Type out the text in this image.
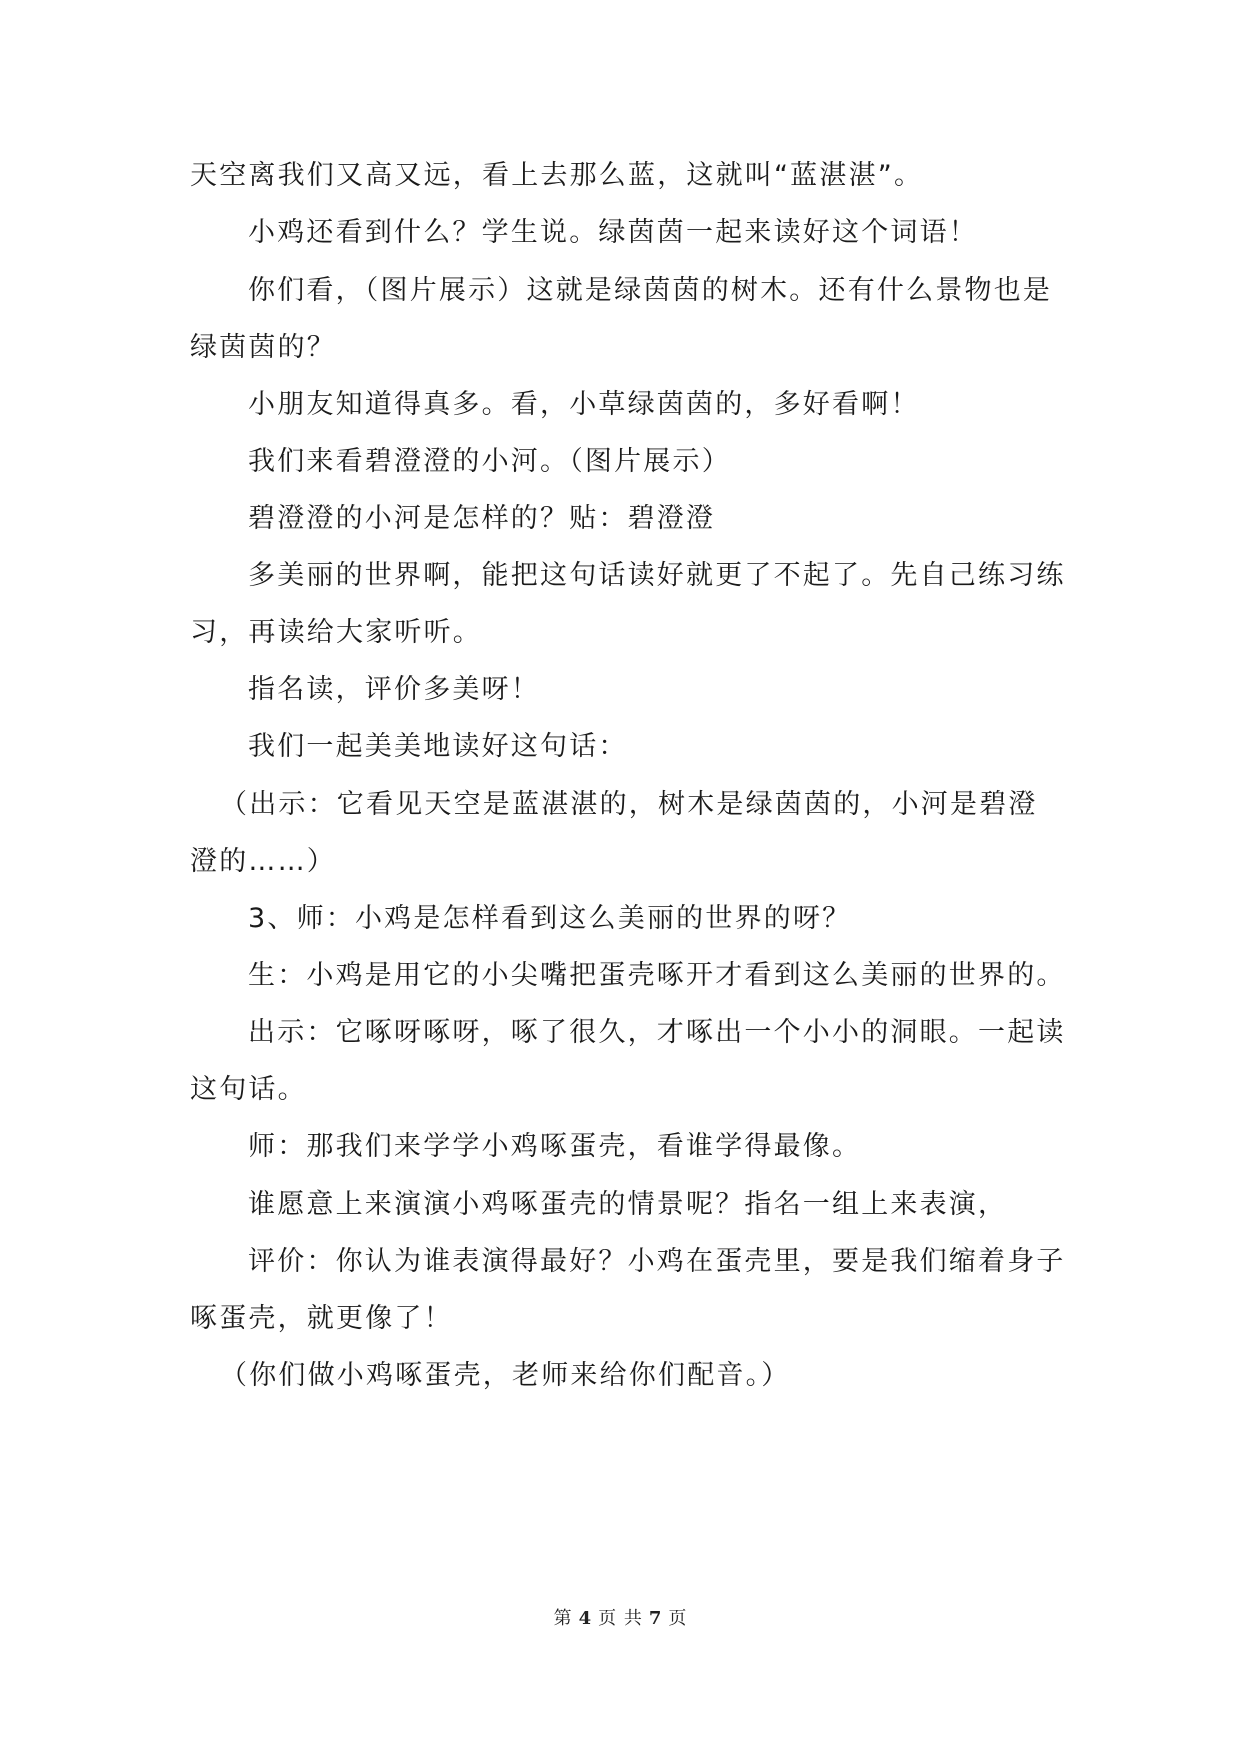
天空离我们又高又远，看上去那么蓝，这就叫“蓝湛湛”。
小鸡还看到什么？学生说。绿茵茵一起来读好这个词语！
你们看，（图片展示）这就是绿茵茵的树木。还有什么景物也是
绿茵茵的？
小朋友知道得真多。看，小草绿茵茵的，多好看啊！
我们来看碧澄澄的小河。（图片展示）
碧澄澄的小河是怎样的？贴：碧澄澄
多美丽的世界啊，能把这句话读好就更了不起了。先自己练习练
习，再读给大家听听。
指名读，评价多美呀！
我们一起美美地读好这句话：
（出示：它看见天空是蓝湛湛的，树木是绿茵茵的，小河是碧澄
澄的……）
3、师：小鸡是怎样看到这么美丽的世界的呀？
生：小鸡是用它的小尖嘴把蛋壳啄开才看到这么美丽的世界的。
出示：它啄呀啄呀，啄了很久，才啄出一个小小的洞眼。一起读
这句话。
师：那我们来学学小鸡啄蛋壳，看谁学得最像。
谁愿意上来演演小鸡啄蛋壳的情景呢？指名一组上来表演，
评价：你认为谁表演得最好？小鸡在蛋壳里，要是我们缩着身子
啄蛋壳，就更像了！
（你们做小鸡啄蛋壳，老师来给你们配音。）
第 4 页 共 7 页
